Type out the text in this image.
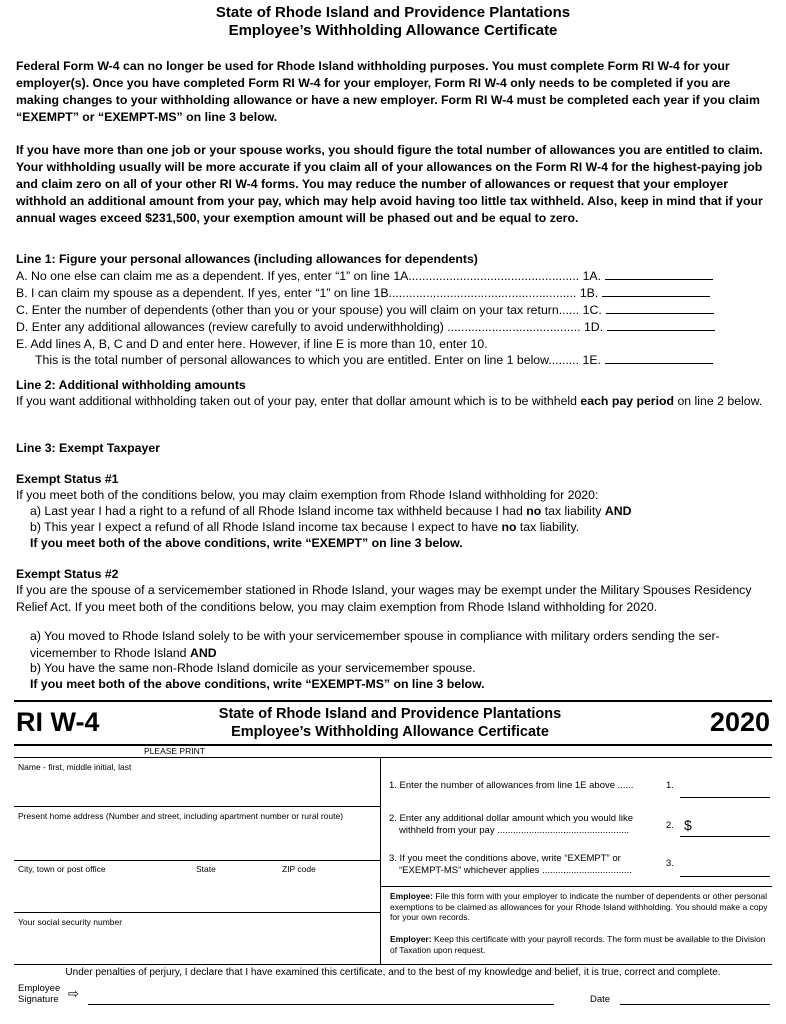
State of Rhode Island and Providence Plantations
Employee’s Withholding Allowance Certificate
Federal Form W-4 can no longer be used for Rhode Island withholding purposes. You must complete Form RI W-4 for your employer(s). Once you have completed Form RI W-4 for your employer, Form RI W-4 only needs to be completed if you are making changes to your withholding allowance or have a new employer. Form RI W-4 must be completed each year if you claim “EXEMPT” or “EXEMPT-MS” on line 3 below.
If you have more than one job or your spouse works, you should figure the total number of allowances you are entitled to claim. Your withholding usually will be more accurate if you claim all of your allowances on the Form RI W-4 for the highest-paying job and claim zero on all of your other RI W-4 forms. You may reduce the number of allowances or request that your employer withhold an additional amount from your pay, which may help avoid having too little tax withheld. Also, keep in mind that if your annual wages exceed $231,500, your exemption amount will be phased out and be equal to zero.
Line 1: Figure your personal allowances (including allowances for dependents)
A. No one else can claim me as a dependent. If yes, enter “1” on line 1A.................................................. 1A.
B. I can claim my spouse as a dependent. If yes, enter “1” on line 1B....................................................... 1B.
C. Enter the number of dependents (other than you or your spouse) you will claim on your tax return...... 1C.
D. Enter any additional allowances (review carefully to avoid underwithholding) ....................................... 1D.
E. Add lines A, B, C and D and enter here. However, if line E is more than 10, enter 10.
This is the total number of personal allowances to which you are entitled. Enter on line 1 below......... 1E.
Line 2: Additional withholding amounts
If you want additional withholding taken out of your pay, enter that dollar amount which is to be withheld each pay period on line 2 below.
Line 3: Exempt Taxpayer
Exempt Status #1
If you meet both of the conditions below, you may claim exemption from Rhode Island withholding for 2020:
a) Last year I had a right to a refund of all Rhode Island income tax withheld because I had no tax liability AND
b) This year I expect a refund of all Rhode Island income tax because I expect to have no tax liability.
If you meet both of the above conditions, write “EXEMPT” on line 3 below.
Exempt Status #2
If you are the spouse of a servicemember stationed in Rhode Island, your wages may be exempt under the Military Spouses Residency Relief Act. If you meet both of the conditions below, you may claim exemption from Rhode Island withholding for 2020.
a) You moved to Rhode Island solely to be with your servicemember spouse in compliance with military orders sending the ser-vicemember to Rhode Island AND
b) You have the same non-Rhode Island domicile as your servicemember spouse.
If you meet both of the above conditions, write “EXEMPT-MS” on line 3 below.
RI W-4	State of Rhode Island and Providence Plantations
Employee’s Withholding Allowance Certificate	2020
PLEASE PRINT
Name - first, middle initial, last
Present home address (Number and street, including apartment number or rural route)
City, town or post office	State	ZIP code
Your social security number
1. Enter the number of allowances from line 1E above ......	1.
2. Enter any additional dollar amount which you would like
withheld from your pay ..................................................	2. $
3. If you meet the conditions above, write “EXEMPT” or
“EXEMPT-MS” whichever applies ..................................
3.
Employee: File this form with your employer to indicate the number of dependents or other personal exemptions to be claimed as allowances for your Rhode Island withholding. You should make a copy for your own records.
Employer: Keep this certificate with your payroll records. The form must be available to the Division of Taxation upon request.
Under penalties of perjury, I declare that I have examined this certificate, and to the best of my knowledge and belief, it is true, correct and complete.
Employee
Signature ⇨	Date
